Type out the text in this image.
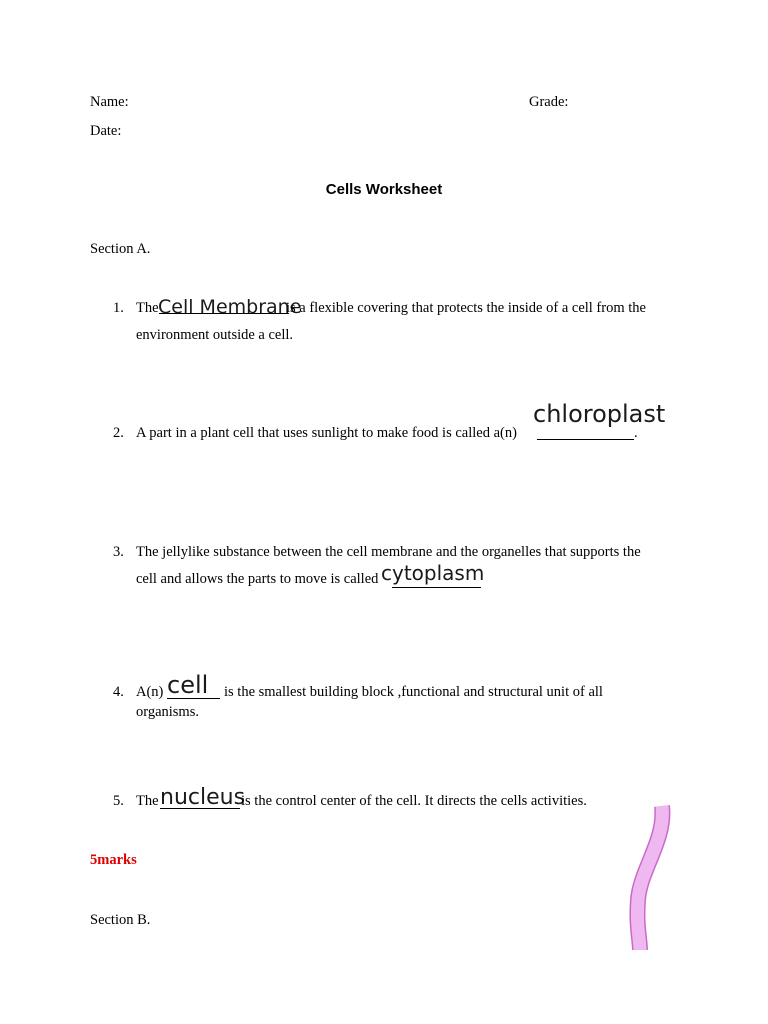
Name:	Grade:
Date:
Cells Worksheet
Section A.
1. The Cell Membrane
is a flexible covering that protects the inside of a cell from the
environment outside a cell.
2. A part in a plant cell that uses sunlight to make food is called a(n)	.
chloroplast
3. The jellylike substance between the cell membrane and the organelles that supports the
cell and allows the parts to move is called cytoplasm
4. A(n) cell is the smallest building block ,functional and structural unit of all
organisms.
5. The nucleus
is the control center of the cell. It directs the cells activities.
5marks
Section B.
